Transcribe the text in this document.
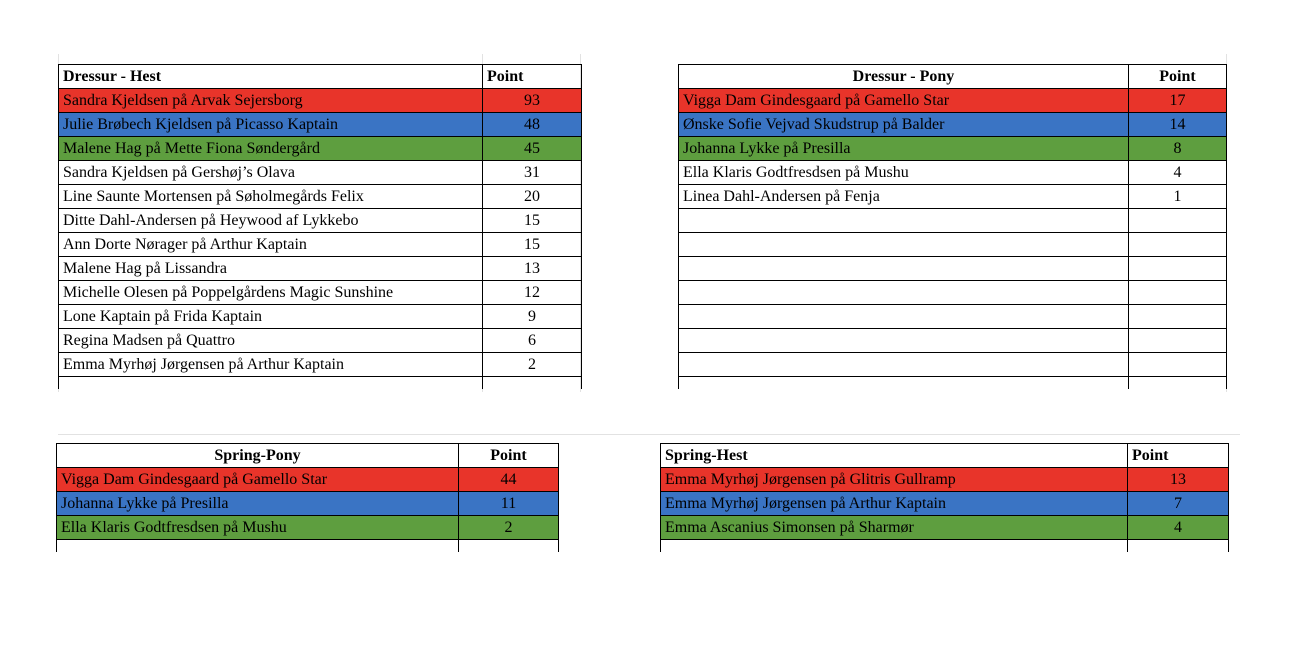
Dressur - Hest	Point
Sandra Kjeldsen på Arvak Sejersborg	93
Julie Brøbech Kjeldsen på Picasso Kaptain	48
Malene Hag på Mette Fiona Søndergård	45
Sandra Kjeldsen på Gershøj’s Olava	31
Line Saunte Mortensen på Søholmegårds Felix	20
Ditte Dahl-Andersen på Heywood af Lykkebo	15
Ann Dorte Nørager på Arthur Kaptain	15
Malene Hag på Lissandra	13
Michelle Olesen på Poppelgårdens Magic Sunshine	12
Lone Kaptain på Frida Kaptain	9
Regina Madsen på Quattro	6
Emma Myrhøj Jørgensen på Arthur Kaptain	2

Dressur - Pony	Point
Vigga Dam Gindesgaard på Gamello Star	17
Ønske Sofie Vejvad Skudstrup på Balder	14
Johanna Lykke på Presilla	8
Ella Klaris Godtfresdsen på Mushu	4
Linea Dahl-Andersen på Fenja	1

Spring-Pony	Point
Vigga Dam Gindesgaard på Gamello Star	44
Johanna Lykke på Presilla	11
Ella Klaris Godtfresdsen på Mushu	2

Spring-Hest	Point
Emma Myrhøj Jørgensen på Glitris Gullramp	13
Emma Myrhøj Jørgensen på Arthur Kaptain	7
Emma Ascanius Simonsen på Sharmør	4
